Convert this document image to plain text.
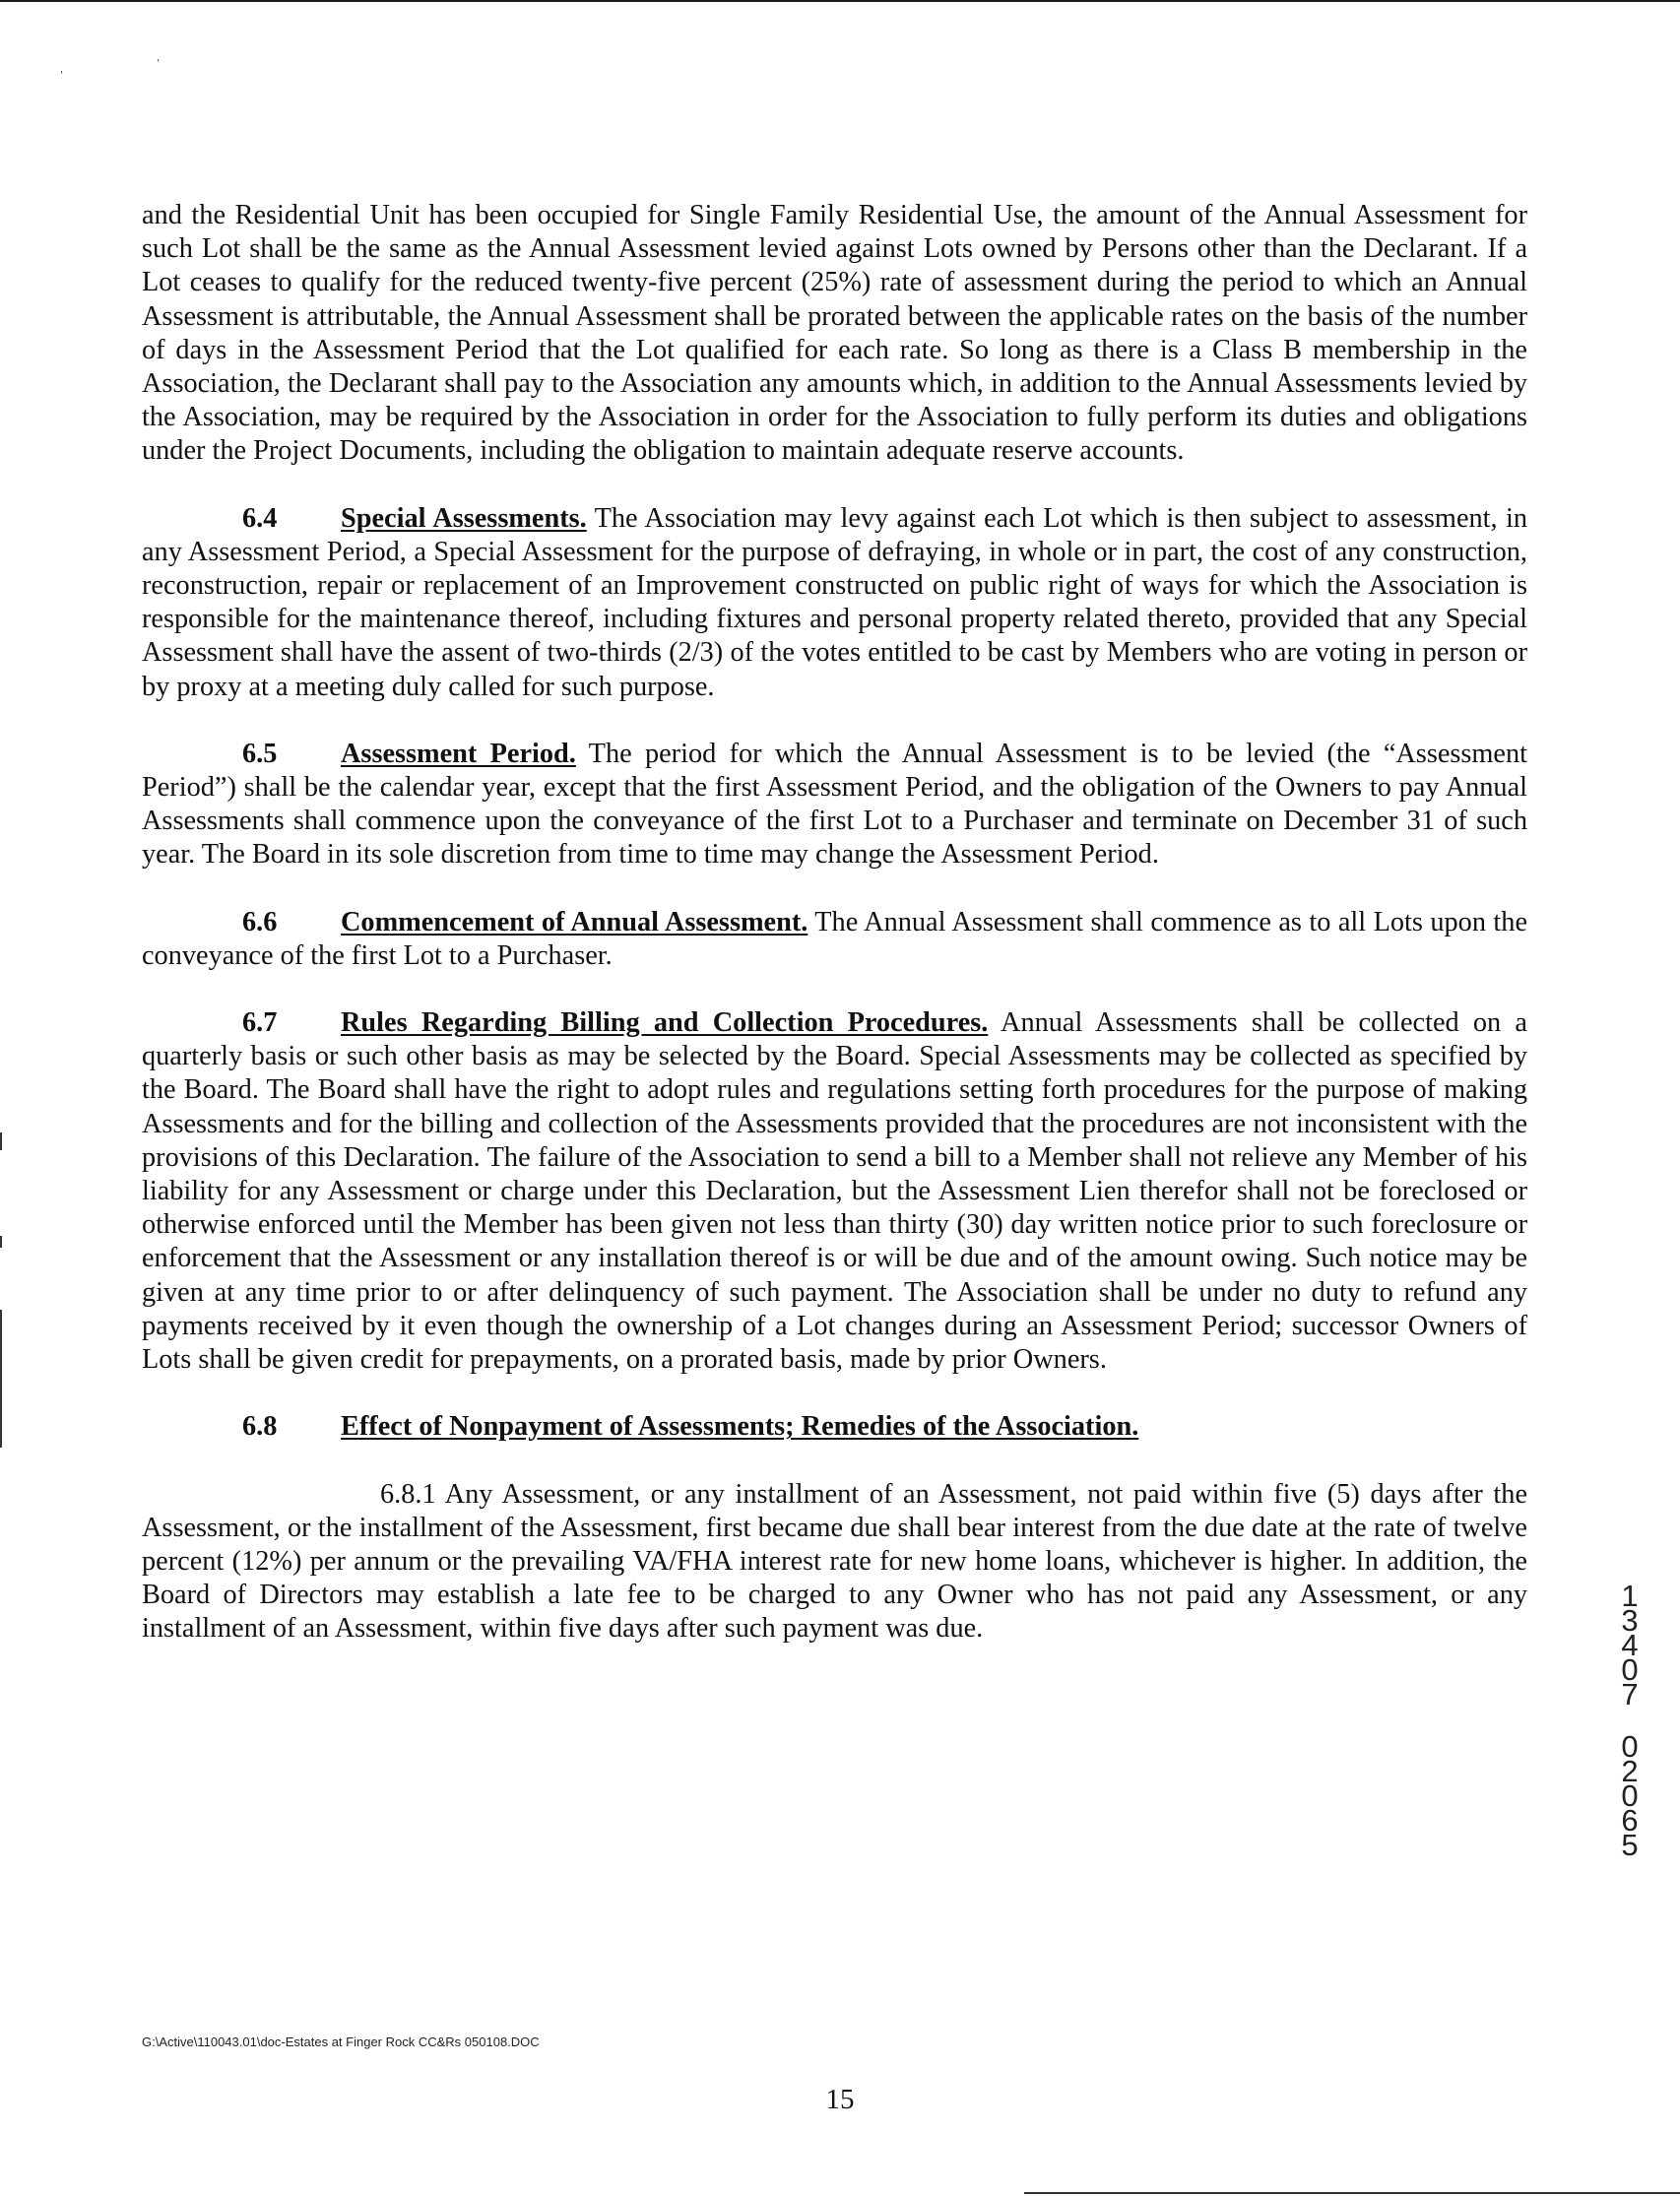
ˌ	ˈ

and the Residential Unit has been occupied for Single Family Residential Use, the amount of the Annual Assessment for such Lot shall be the same as the Annual Assessment levied against Lots owned by Persons other than the Declarant. If a Lot ceases to qualify for the reduced twenty-five percent (25%) rate of assessment during the period to which an Annual Assessment is attributable, the Annual Assessment shall be prorated between the applicable rates on the basis of the number of days in the Assessment Period that the Lot qualified for each rate. So long as there is a Class B membership in the Association, the Declarant shall pay to the Association any amounts which, in addition to the Annual Assessments levied by the Association, may be required by the Association in order for the Association to fully perform its duties and obligations under the Project Documents, including the obligation to maintain adequate reserve accounts.

6.4 Special Assessments. The Association may levy against each Lot which is then subject to assessment, in any Assessment Period, a Special Assessment for the purpose of defraying, in whole or in part, the cost of any construction, reconstruction, repair or replacement of an Improvement constructed on public right of ways for which the Association is responsible for the maintenance thereof, including fixtures and personal property related thereto, provided that any Special Assessment shall have the assent of two-thirds (2/3) of the votes entitled to be cast by Members who are voting in person or by proxy at a meeting duly called for such purpose.

6.5 Assessment Period. The period for which the Annual Assessment is to be levied (the “Assessment Period”) shall be the calendar year, except that the first Assessment Period, and the obligation of the Owners to pay Annual Assessments shall commence upon the conveyance of the first Lot to a Purchaser and terminate on December 31 of such year. The Board in its sole discretion from time to time may change the Assessment Period.

6.6 Commencement of Annual Assessment. The Annual Assessment shall commence as to all Lots upon the conveyance of the first Lot to a Purchaser.

6.7 Rules Regarding Billing and Collection Procedures. Annual Assessments shall be collected on a quarterly basis or such other basis as may be selected by the Board. Special Assessments may be collected as specified by the Board. The Board shall have the right to adopt rules and regulations setting forth procedures for the purpose of making Assessments and for the billing and collection of the Assessments provided that the procedures are not inconsistent with the provisions of this Declaration. The failure of the Association to send a bill to a Member shall not relieve any Member of his liability for any Assessment or charge under this Declaration, but the Assessment Lien therefor shall not be foreclosed or otherwise enforced until the Member has been given not less than thirty (30) day written notice prior to such foreclosure or enforcement that the Assessment or any installation thereof is or will be due and of the amount owing. Such notice may be given at any time prior to or after delinquency of such payment. The Association shall be under no duty to refund any payments received by it even though the ownership of a Lot changes during an Assessment Period; successor Owners of Lots shall be given credit for prepayments, on a prorated basis, made by prior Owners.

6.8 Effect of Nonpayment of Assessments; Remedies of the Association.

6.8.1 Any Assessment, or any installment of an Assessment, not paid within five (5) days after the Assessment, or the installment of the Assessment, first became due shall bear interest from the due date at the rate of twelve percent (12%) per annum or the prevailing VA/FHA interest rate for new home loans, whichever is higher. In addition, the Board of Directors may establish a late fee to be charged to any Owner who has not paid any Assessment, or any installment of an Assessment, within five days after such payment was due.

1
3
4
0
7
0
2
0
6
5
G:\Active\110043.01\doc-Estates at Finger Rock CC&Rs 050108.DOC
15
